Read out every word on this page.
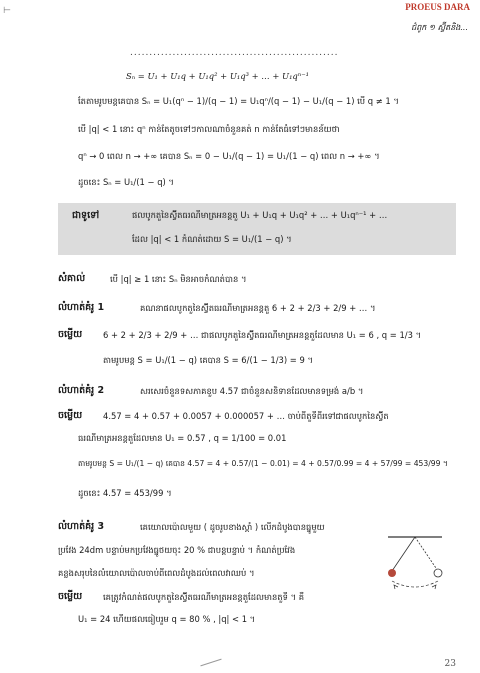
⊢	PROEUS DARA
ជំពូក ១ ស្វ៊ីតនិង...
......................................................
Sₙ = U₁ + U₁q + U₁q² + U₁q³ + … + U₁qⁿ⁻¹
តែតាមរូបមន្តគេបាន Sₙ = U₁(qⁿ − 1)/(q − 1) = U₁qⁿ/(q − 1) − U₁/(q − 1) បើ q ≠ 1 ។
បើ |q| < 1 នោះ qⁿ កាន់តែតូចទៅៗកាលណាចំនួនគត់ n កាន់តែធំទៅៗមានន័យថា
qⁿ → 0 ពេល n → +∞ គេបាន Sₙ = 0 − U₁/(q − 1) = U₁/(1 − q) ពេល n → +∞ ។
ដូចនេះ Sₙ = U₁/(1 − q) ។
ជាទូទៅ	ផលបូកតួនៃស៊្វីតធរណីមាត្រអនន្តតួ U₁ + U₁q + U₁q² + … + U₁qⁿ⁻¹ + …
ដែល |q| < 1 កំណត់ដោយ S = U₁/(1 − q) ។
សំគាល់	បើ |q| ≥ 1 នោះ Sₙ មិនអាចកំណត់បាន ។
លំហាត់គំរូ 1	គណនាផលបូកតួនៃស៊្វីតធរណីមាត្រអនន្តតួ 6 + 2 + 2/3 + 2/9 + … ។
ចម្លើយ 6 + 2 + 2/3 + 2/9 + … ជាផលបូកតួនៃស៊្វីតធរណីមាត្រអនន្តតួដែលមាន U₁ = 6 , q = 1/3 ។
តាមរូបមន្ត S = U₁/(1 − q) គេបាន S = 6/(1 − 1/3) = 9 ។
លំហាត់គំរូ 2	សរសេរចំនួនទសភាគខួប 4.57 ជាចំនួនសនិទានដែលមានទម្រង់ a/b ។
ចម្លើយ 4.57 = 4 + 0.57 + 0.0057 + 0.000057 + … ចាប់ពីតួទីពីរទៅជាផលបូកនៃស៊្វីត
ធរណីមាត្រអនន្តតួដែលមាន U₁ = 0.57 , q = 1/100 = 0.01
តាមរូបមន្ត S = U₁/(1 − q) គេបាន 4.57 = 4 + 0.57/(1 − 0.01) = 4 + 0.57/0.99 = 4 + 57/99 = 453/99 ។
ដូចនេះ 4.57 = 453/99 ។
លំហាត់គំរូ 3	គេយោលប៉ោលមួយ ( ដូចរូបខាងស្តាំ ) លើកដំបូងបានធ្នូមួយ
ប្រវែង 24dm បន្ទាប់មកប្រវែងធ្នូថយចុះ 20 % ជាបន្តបន្ទាប់ ។ កំណត់ប្រវែង
គន្លងសរុបនៃលំយោលប៉ោលចាប់ពីពេលដំបូងដល់ពេលវាឈប់ ។
ចម្លើយ គេត្រូវកំណត់ផលបូកតួនៃស៊្វីតធរណីមាត្រអនន្តតួដែលមានតួទី ។ គឺ
U₁ = 24 ហើយផលធៀបរួម q = 80 % , |q| < 1 ។
23
